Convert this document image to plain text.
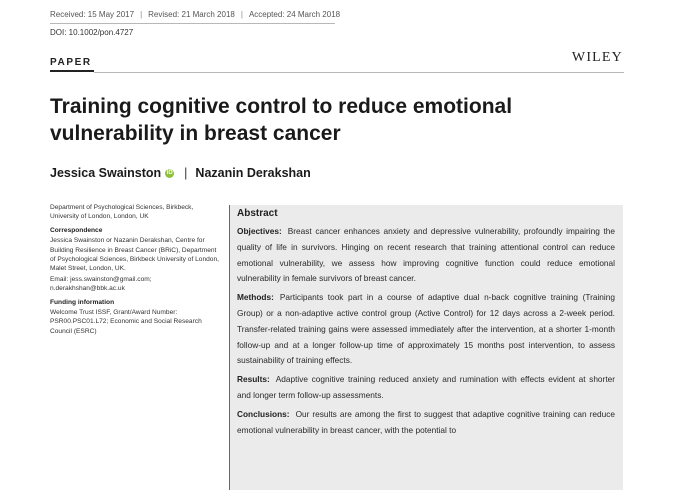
Received: 15 May 2017 | Revised: 21 March 2018 | Accepted: 24 March 2018
DOI: 10.1002/pon.4727
PAPER	WILEY
Training cognitive control to reduce emotional vulnerability in breast cancer
Jessica Swainston iD | Nazanin Derakshan
Department of Psychological Sciences, Birkbeck, University of London, London, UK
Correspondence
Jessica Swainston or Nazanin Derakshan, Centre for Building Resilience in Breast Cancer (BRiC), Department of Psychological Sciences, Birkbeck University of London, Malet Street, London, UK.
Email: jess.swainston@gmail.com; n.derakhshan@bbk.ac.uk
Funding information
Welcome Trust ISSF, Grant/Award Number: PSR00.PSC01.L72; Economic and Social Research Council (ESRC)
Abstract
Objectives: Breast cancer enhances anxiety and depressive vulnerability, profoundly impairing the quality of life in survivors. Hinging on recent research that training attentional control can reduce emotional vulnerability, we assess how improving cognitive function could reduce emotional vulnerability in female survivors of breast cancer.
Methods: Participants took part in a course of adaptive dual n-back cognitive training (Training Group) or a non-adaptive active control group (Active Control) for 12 days across a 2-week period. Transfer-related training gains were assessed immediately after the intervention, at a shorter 1-month follow-up and at a longer follow-up time of approximately 15 months post intervention, to assess sustainability of training effects.
Results: Adaptive cognitive training reduced anxiety and rumination with effects evident at shorter and longer term follow-up assessments.
Conclusions: Our results are among the first to suggest that adaptive cognitive training can reduce emotional vulnerability in breast cancer, with the potential to
